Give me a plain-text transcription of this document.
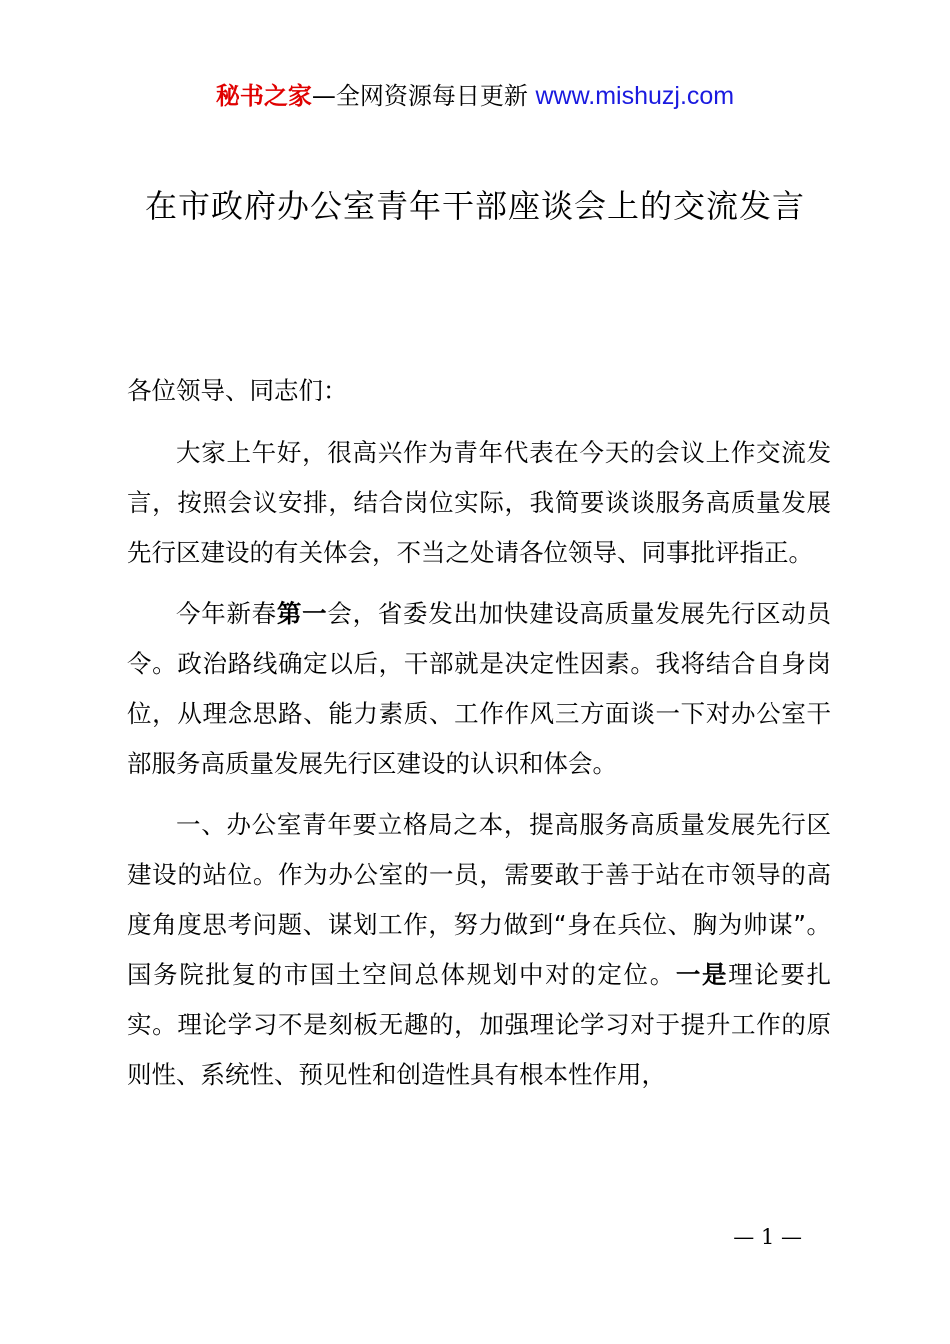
秘书之家—全网资源每日更新 www.mishuzj.com
在市政府办公室青年干部座谈会上的交流发言

各位领导、同志们：

大家上午好，很高兴作为青年代表在今天的会议上作交流发言，按照会议安排，结合岗位实际，我简要谈谈服务高质量发展先行区建设的有关体会，不当之处请各位领导、同事批评指正。

今年新春第一会，省委发出加快建设高质量发展先行区动员令。政治路线确定以后，干部就是决定性因素。我将结合自身岗位，从理念思路、能力素质、工作作风三方面谈一下对办公室干部服务高质量发展先行区建设的认识和体会。

一、办公室青年要立格局之本，提高服务高质量发展先行区建设的站位。作为办公室的一员，需要敢于善于站在市领导的高度角度思考问题、谋划工作，努力做到“身在兵位、胸为帅谋”。国务院批复的市国土空间总体规划中对的定位。一是理论要扎实。理论学习不是刻板无趣的，加强理论学习对于提升工作的原则性、系统性、预见性和创造性具有根本性作用，

— 1 —
